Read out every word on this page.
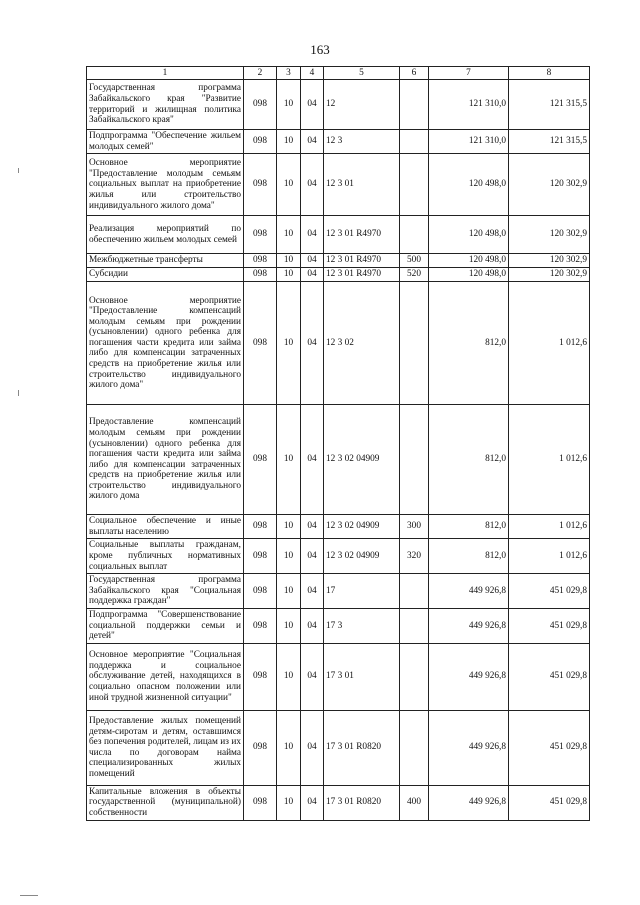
163
1	2	3	4	5	6	7	8
Государственная программа Забайкальского края "Развитие территорий и жилищная политика Забайкальского края"	098	10	04	12		121 310,0	121 315,5
Подпрограмма "Обеспечение жильем молодых семей"	098	10	04	12 3		121 310,0	121 315,5
Основное мероприятие "Предоставление молодым семьям социальных выплат на приобретение жилья или строительство индивидуального жилого дома"	098	10	04	12 3 01		120 498,0	120 302,9
Реализация мероприятий по обеспечению жильем молодых семей	098	10	04	12 3 01 R4970		120 498,0	120 302,9
Межбюджетные трансферты	098	10	04	12 3 01 R4970	500	120 498,0	120 302,9
Субсидии	098	10	04	12 3 01 R4970	520	120 498,0	120 302,9
Основное мероприятие "Предоставление компенсаций молодым семьям при рождении (усыновлении) одного ребенка для погашения части кредита или займа либо для компенсации затраченных средств на приобретение жилья или строительство индивидуального жилого дома"	098	10	04	12 3 02		812,0	1 012,6
Предоставление компенсаций молодым семьям при рождении (усыновлении) одного ребенка для погашения части кредита или займа либо для компенсации затраченных средств на приобретение жилья или строительство индивидуального жилого дома	098	10	04	12 3 02 04909		812,0	1 012,6
Социальное обеспечение и иные выплаты населению	098	10	04	12 3 02 04909	300	812,0	1 012,6
Социальные выплаты гражданам, кроме публичных нормативных социальных выплат	098	10	04	12 3 02 04909	320	812,0	1 012,6
Государственная программа Забайкальского края "Социальная поддержка граждан"	098	10	04	17		449 926,8	451 029,8
Подпрограмма "Совершенствование социальной поддержки семьи и детей"	098	10	04	17 3		449 926,8	451 029,8
Основное мероприятие "Социальная поддержка и социальное обслуживание детей, находящихся в социально опасном положении или иной трудной жизненной ситуации"	098	10	04	17 3 01		449 926,8	451 029,8
Предоставление жилых помещений детям-сиротам и детям, оставшимся без попечения родителей, лицам из их числа по договорам найма специализированных жилых помещений	098	10	04	17 3 01 R0820		449 926,8	451 029,8
Капитальные вложения в объекты государственной (муниципальной) собственности	098	10	04	17 3 01 R0820	400	449 926,8	451 029,8
